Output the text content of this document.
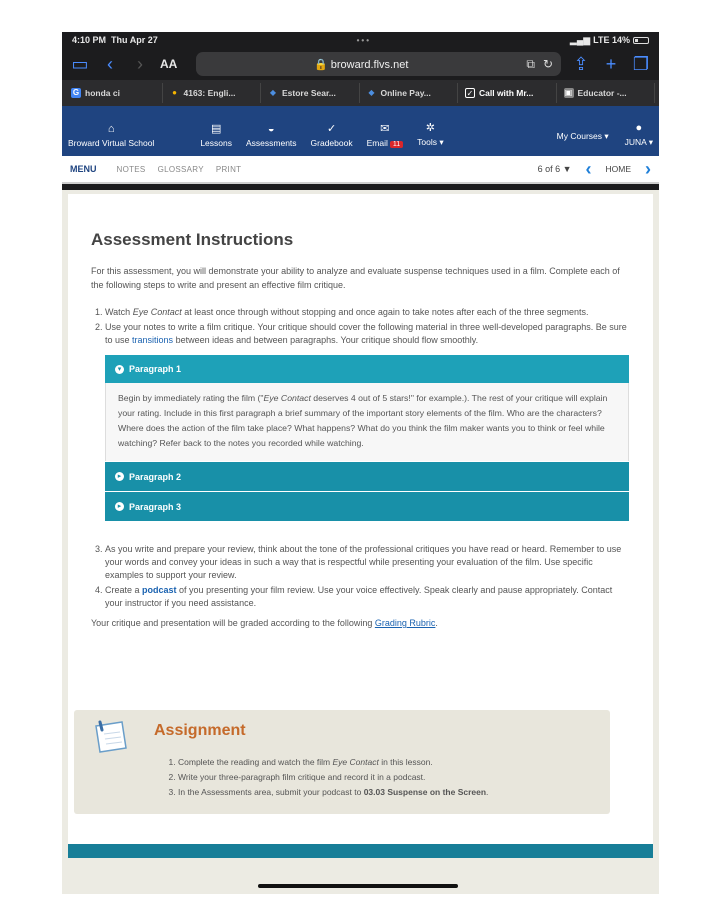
4:10 PM Thu Apr 27	•••	▂▄▆ LTE 14%
▭	‹	›	AA	🔒 broward.flvs.net	⧉ ↻ ⇪ + ❐
G honda ci	● 4163: Engli...	◆ Estore Sear...	◆ Online Pay...	✓ Call with Mr...	▣ Educator -...
⌂
Broward Virtual School
▤
Lessons
◒
Assessments
✓
Gradebook
✉
Email 11
✲
Tools ▾
My Courses ▾
●
JUNA ▾
MENU	NOTES GLOSSARY PRINT	6 of 6 ▼ ‹ HOME ›
Assessment Instructions

For this assessment, you will demonstrate your ability to analyze and evaluate suspense techniques used in a film. Complete each of the following steps to write and present an effective film critique.

1. Watch Eye Contact at least once through without stopping and once again to take notes after each of the three segments.
2. Use your notes to write a film critique. Your critique should cover the following material in three well-developed paragraphs. Be sure to use transitions between ideas and between paragraphs. Your critique should flow smoothly.
▾ Paragraph 1
Begin by immediately rating the film ("Eye Contact deserves 4 out of 5 stars!" for example.). The rest of your critique will explain your rating. Include in this first paragraph a brief summary of the important story elements of the film. Who are the characters? Where does the action of the film take place? What happens? What do you think the film maker wants you to think or feel while watching? Refer back to the notes you recorded while watching.
▸ Paragraph 2
▸ Paragraph 3
3. As you write and prepare your review, think about the tone of the professional critiques you have read or heard. Remember to use your words and convey your ideas in such a way that is respectful while presenting your evaluation of the film. Use specific examples to support your review.
4. Create a podcast of you presenting your film review. Use your voice effectively. Speak clearly and pause appropriately. Contact your instructor if you need assistance.

Your critique and presentation will be graded according to the following Grading Rubric.

Assignment
1. Complete the reading and watch the film Eye Contact in this lesson.
2. Write your three-paragraph film critique and record it in a podcast.
3. In the Assessments area, submit your podcast to 03.03 Suspense on the Screen.
